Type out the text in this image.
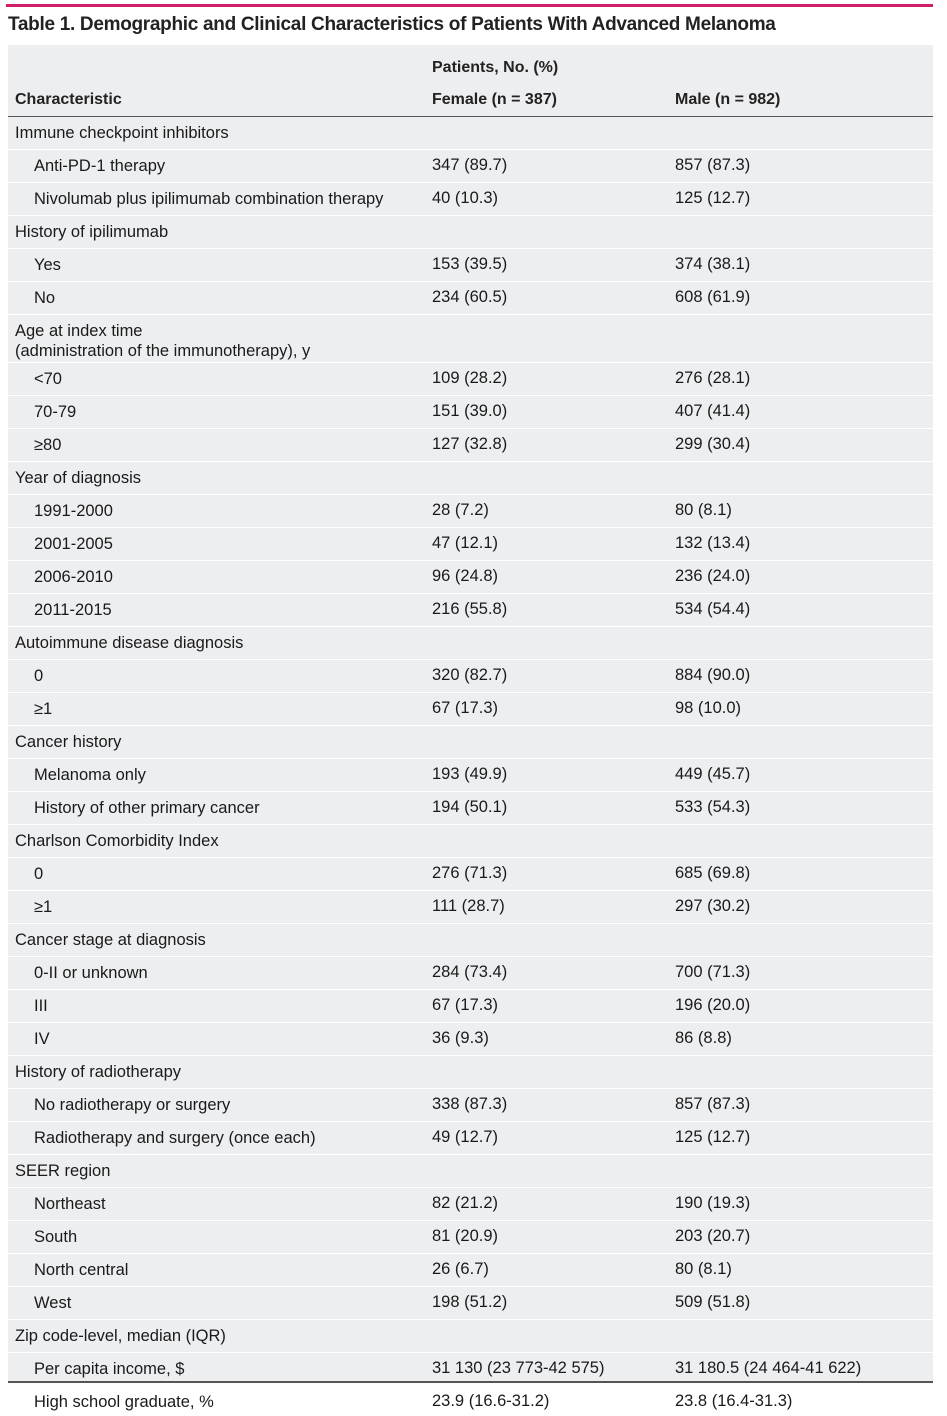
Table 1. Demographic and Clinical Characteristics of Patients With Advanced Melanoma
Patients, No. (%)
Characteristic	Female (n = 387)	Male (n = 982)
Immune checkpoint inhibitors
Anti-PD-1 therapy	347 (89.7)	857 (87.3)
Nivolumab plus ipilimumab combination therapy	40 (10.3)	125 (12.7)
History of ipilimumab
Yes	153 (39.5)	374 (38.1)
No	234 (60.5)	608 (61.9)
Age at index time
(administration of the immunotherapy), y
<70	109 (28.2)	276 (28.1)
70-79	151 (39.0)	407 (41.4)
≥80	127 (32.8)	299 (30.4)
Year of diagnosis
1991-2000	28 (7.2)	80 (8.1)
2001-2005	47 (12.1)	132 (13.4)
2006-2010	96 (24.8)	236 (24.0)
2011-2015	216 (55.8)	534 (54.4)
Autoimmune disease diagnosis
0	320 (82.7)	884 (90.0)
≥1	67 (17.3)	98 (10.0)
Cancer history
Melanoma only	193 (49.9)	449 (45.7)
History of other primary cancer	194 (50.1)	533 (54.3)
Charlson Comorbidity Index
0	276 (71.3)	685 (69.8)
≥1	111 (28.7)	297 (30.2)
Cancer stage at diagnosis
0-II or unknown	284 (73.4)	700 (71.3)
III	67 (17.3)	196 (20.0)
IV	36 (9.3)	86 (8.8)
History of radiotherapy
No radiotherapy or surgery	338 (87.3)	857 (87.3)
Radiotherapy and surgery (once each)	49 (12.7)	125 (12.7)
SEER region
Northeast	82 (21.2)	190 (19.3)
South	81 (20.9)	203 (20.7)
North central	26 (6.7)	80 (8.1)
West	198 (51.2)	509 (51.8)
Zip code-level, median (IQR)
Per capita income, $	31 130 (23 773-42 575)	31 180.5 (24 464-41 622)
High school graduate, %	23.9 (16.6-31.2)	23.8 (16.4-31.3)
